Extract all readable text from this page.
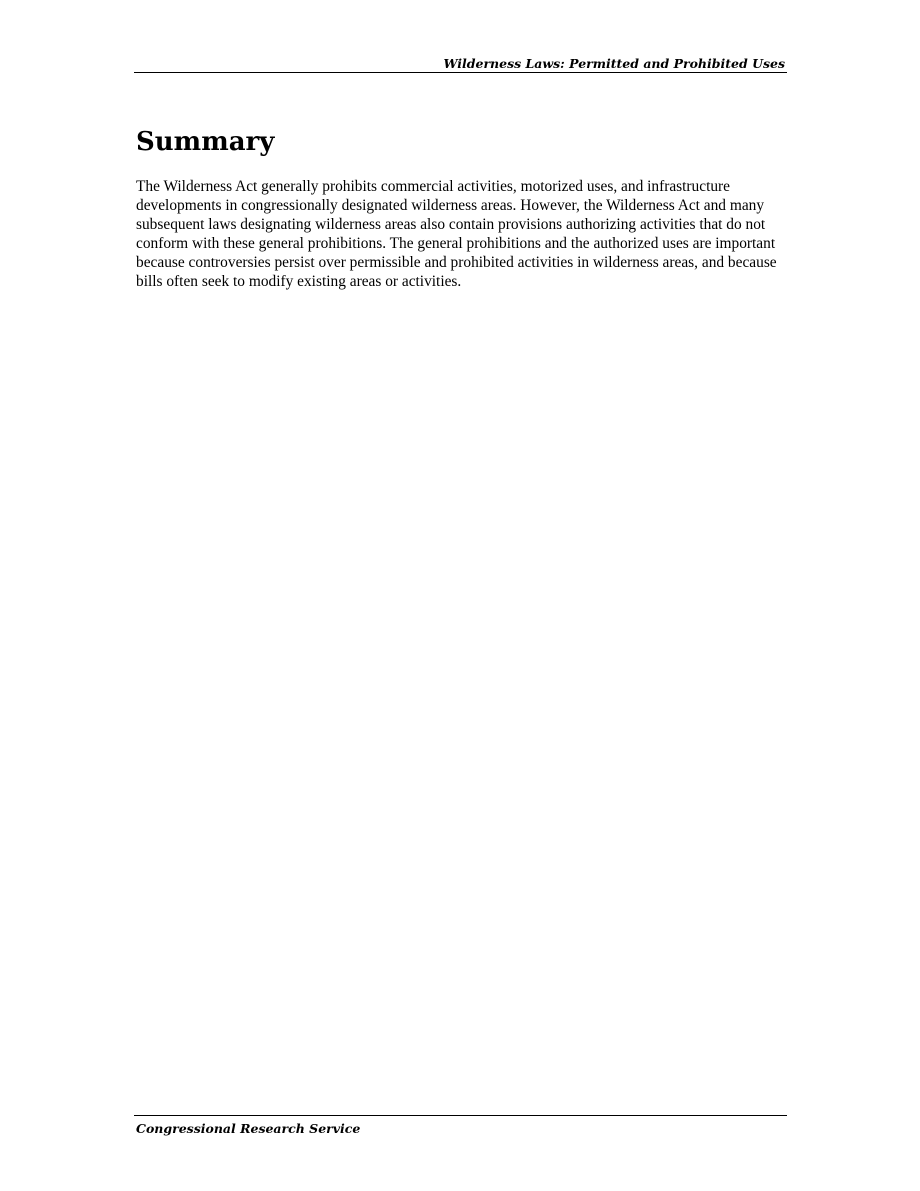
Wilderness Laws: Permitted and Prohibited Uses
Summary

The Wilderness Act generally prohibits commercial activities, motorized uses, and infrastructure developments in congressionally designated wilderness areas. However, the Wilderness Act and many subsequent laws designating wilderness areas also contain provisions authorizing activities that do not conform with these general prohibitions. The general prohibitions and the authorized uses are important because controversies persist over permissible and prohibited activities in wilderness areas, and because bills often seek to modify existing areas or activities.

Congressional Research Service
